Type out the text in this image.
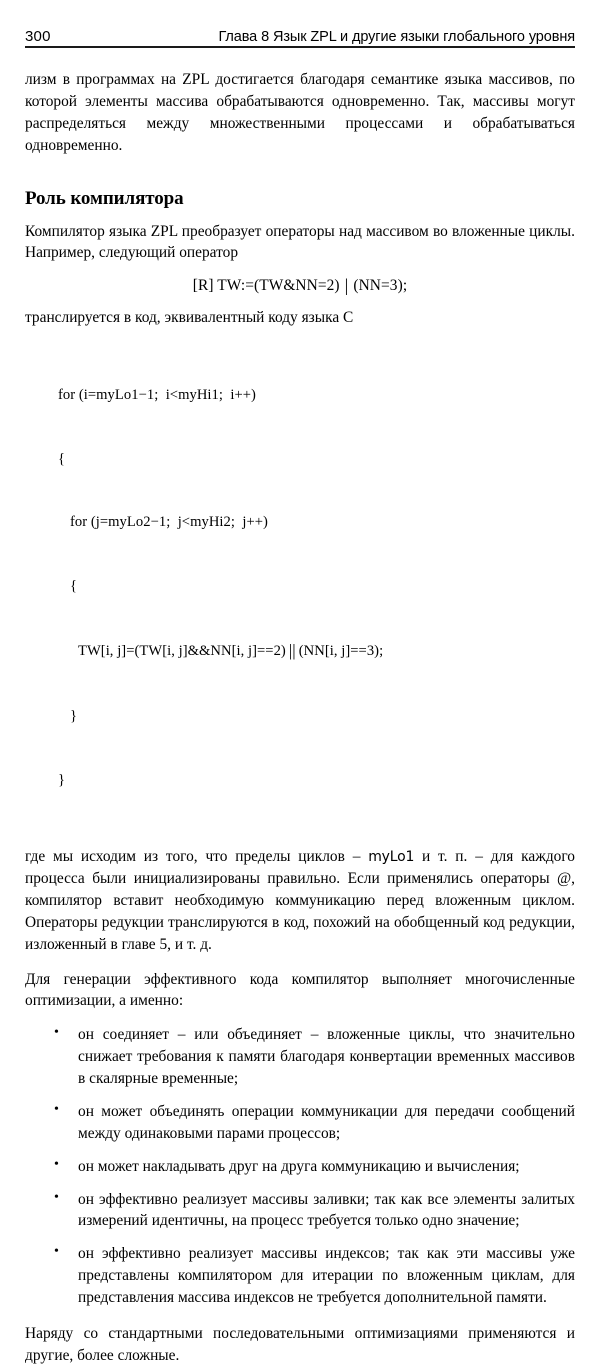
300	Глава 8 Язык ZPL и другие языки глобального уровня

лизм в программах на ZPL достигается благодаря семантике языка массивов, по которой элементы массива обрабатываются одновременно. Так, массивы могут распределяться между множественными процессами и обрабатываться одновременно.

Роль компилятора

Компилятор языка ZPL преобразует операторы над массивом во вложенные циклы. Например, следующий оператор

[R] TW:=(TW&NN=2) | (NN=3);

транслируется в код, эквивалентный коду языка C

for (i=myLo1−1;  i<myHi1;  i++)

{

for (j=myLo2−1;  j<myHi2;  j++)

{

TW[i, j]=(TW[i, j]&&NN[i, j]==2) || (NN[i, j]==3);

}

}

где мы исходим из того, что пределы циклов – myLo1 и т. п. – для каждого процесса были инициализированы правильно. Если применялись операторы @, компилятор вставит необходимую коммуникацию перед вложенным циклом. Операторы редукции транслируются в код, похожий на обобщенный код редукции, изложенный в главе 5, и т. д.

Для генерации эффективного кода компилятор выполняет многочисленные оптимизации, а именно:

• он соединяет – или объединяет – вложенные циклы, что значительно снижает требования к памяти благодаря конвертации временных массивов в скалярные временные;
• он может объединять операции коммуникации для передачи сообщений между одинаковыми парами процессов;
• он может накладывать друг на друга коммуникацию и вычисления;
• он эффективно реализует массивы заливки; так как все элементы залитых измерений идентичны, на процесс требуется только одно значение;
• он эффективно реализует массивы индексов; так как эти массивы уже представлены компилятором для итерации по вложенным циклам, для представления массива индексов не требуется дополнительной памяти.

Наряду со стандартными последовательными оптимизациями применяются и другие, более сложные.
